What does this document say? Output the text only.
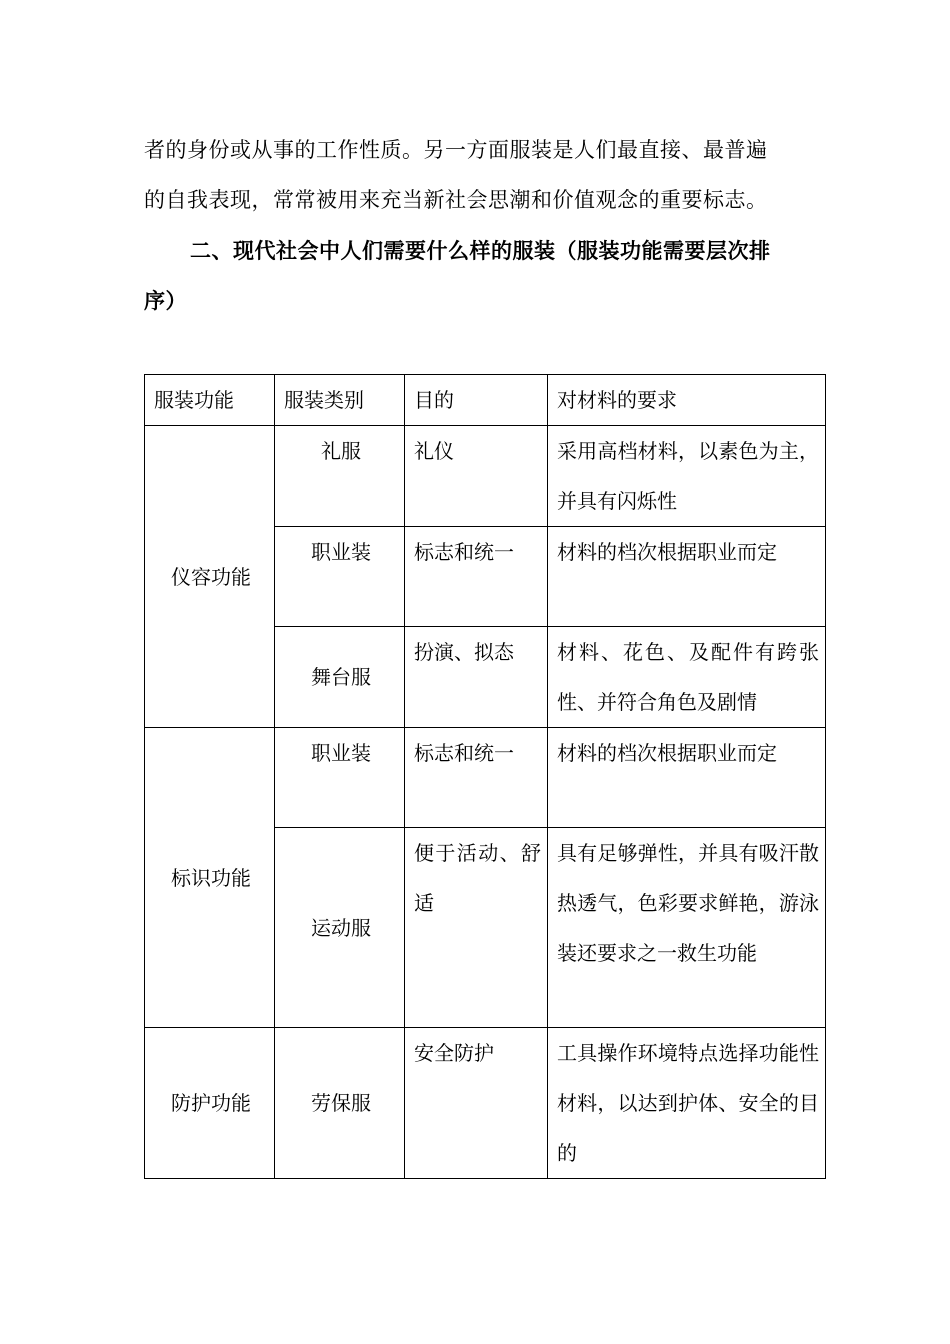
者的身份或从事的工作性质。另一方面服装是人们最直接、最普遍
的自我表现，常常被用来充当新社会思潮和价值观念的重要标志。
二、现代社会中人们需要什么样的服装（服装功能需要层次排
序）
服装功能	服装类别	目的	对材料的要求

仪容功能	礼服	礼仪	采用高档材料，以素色为主，并具有闪烁性

	职业装	标志和统一	材料的档次根据职业而定

	舞台服	扮演、拟态	材料、花色、及配件有跨张性、并符合角色及剧情

标识功能	职业装	标志和统一	材料的档次根据职业而定

	运动服	便于活动、舒适	具有足够弹性，并具有吸汗散热透气，色彩要求鲜艳，游泳装还要求之一救生功能

防护功能	劳保服	安全防护	工具操作环境特点选择功能性材料，以达到护体、安全的目的
